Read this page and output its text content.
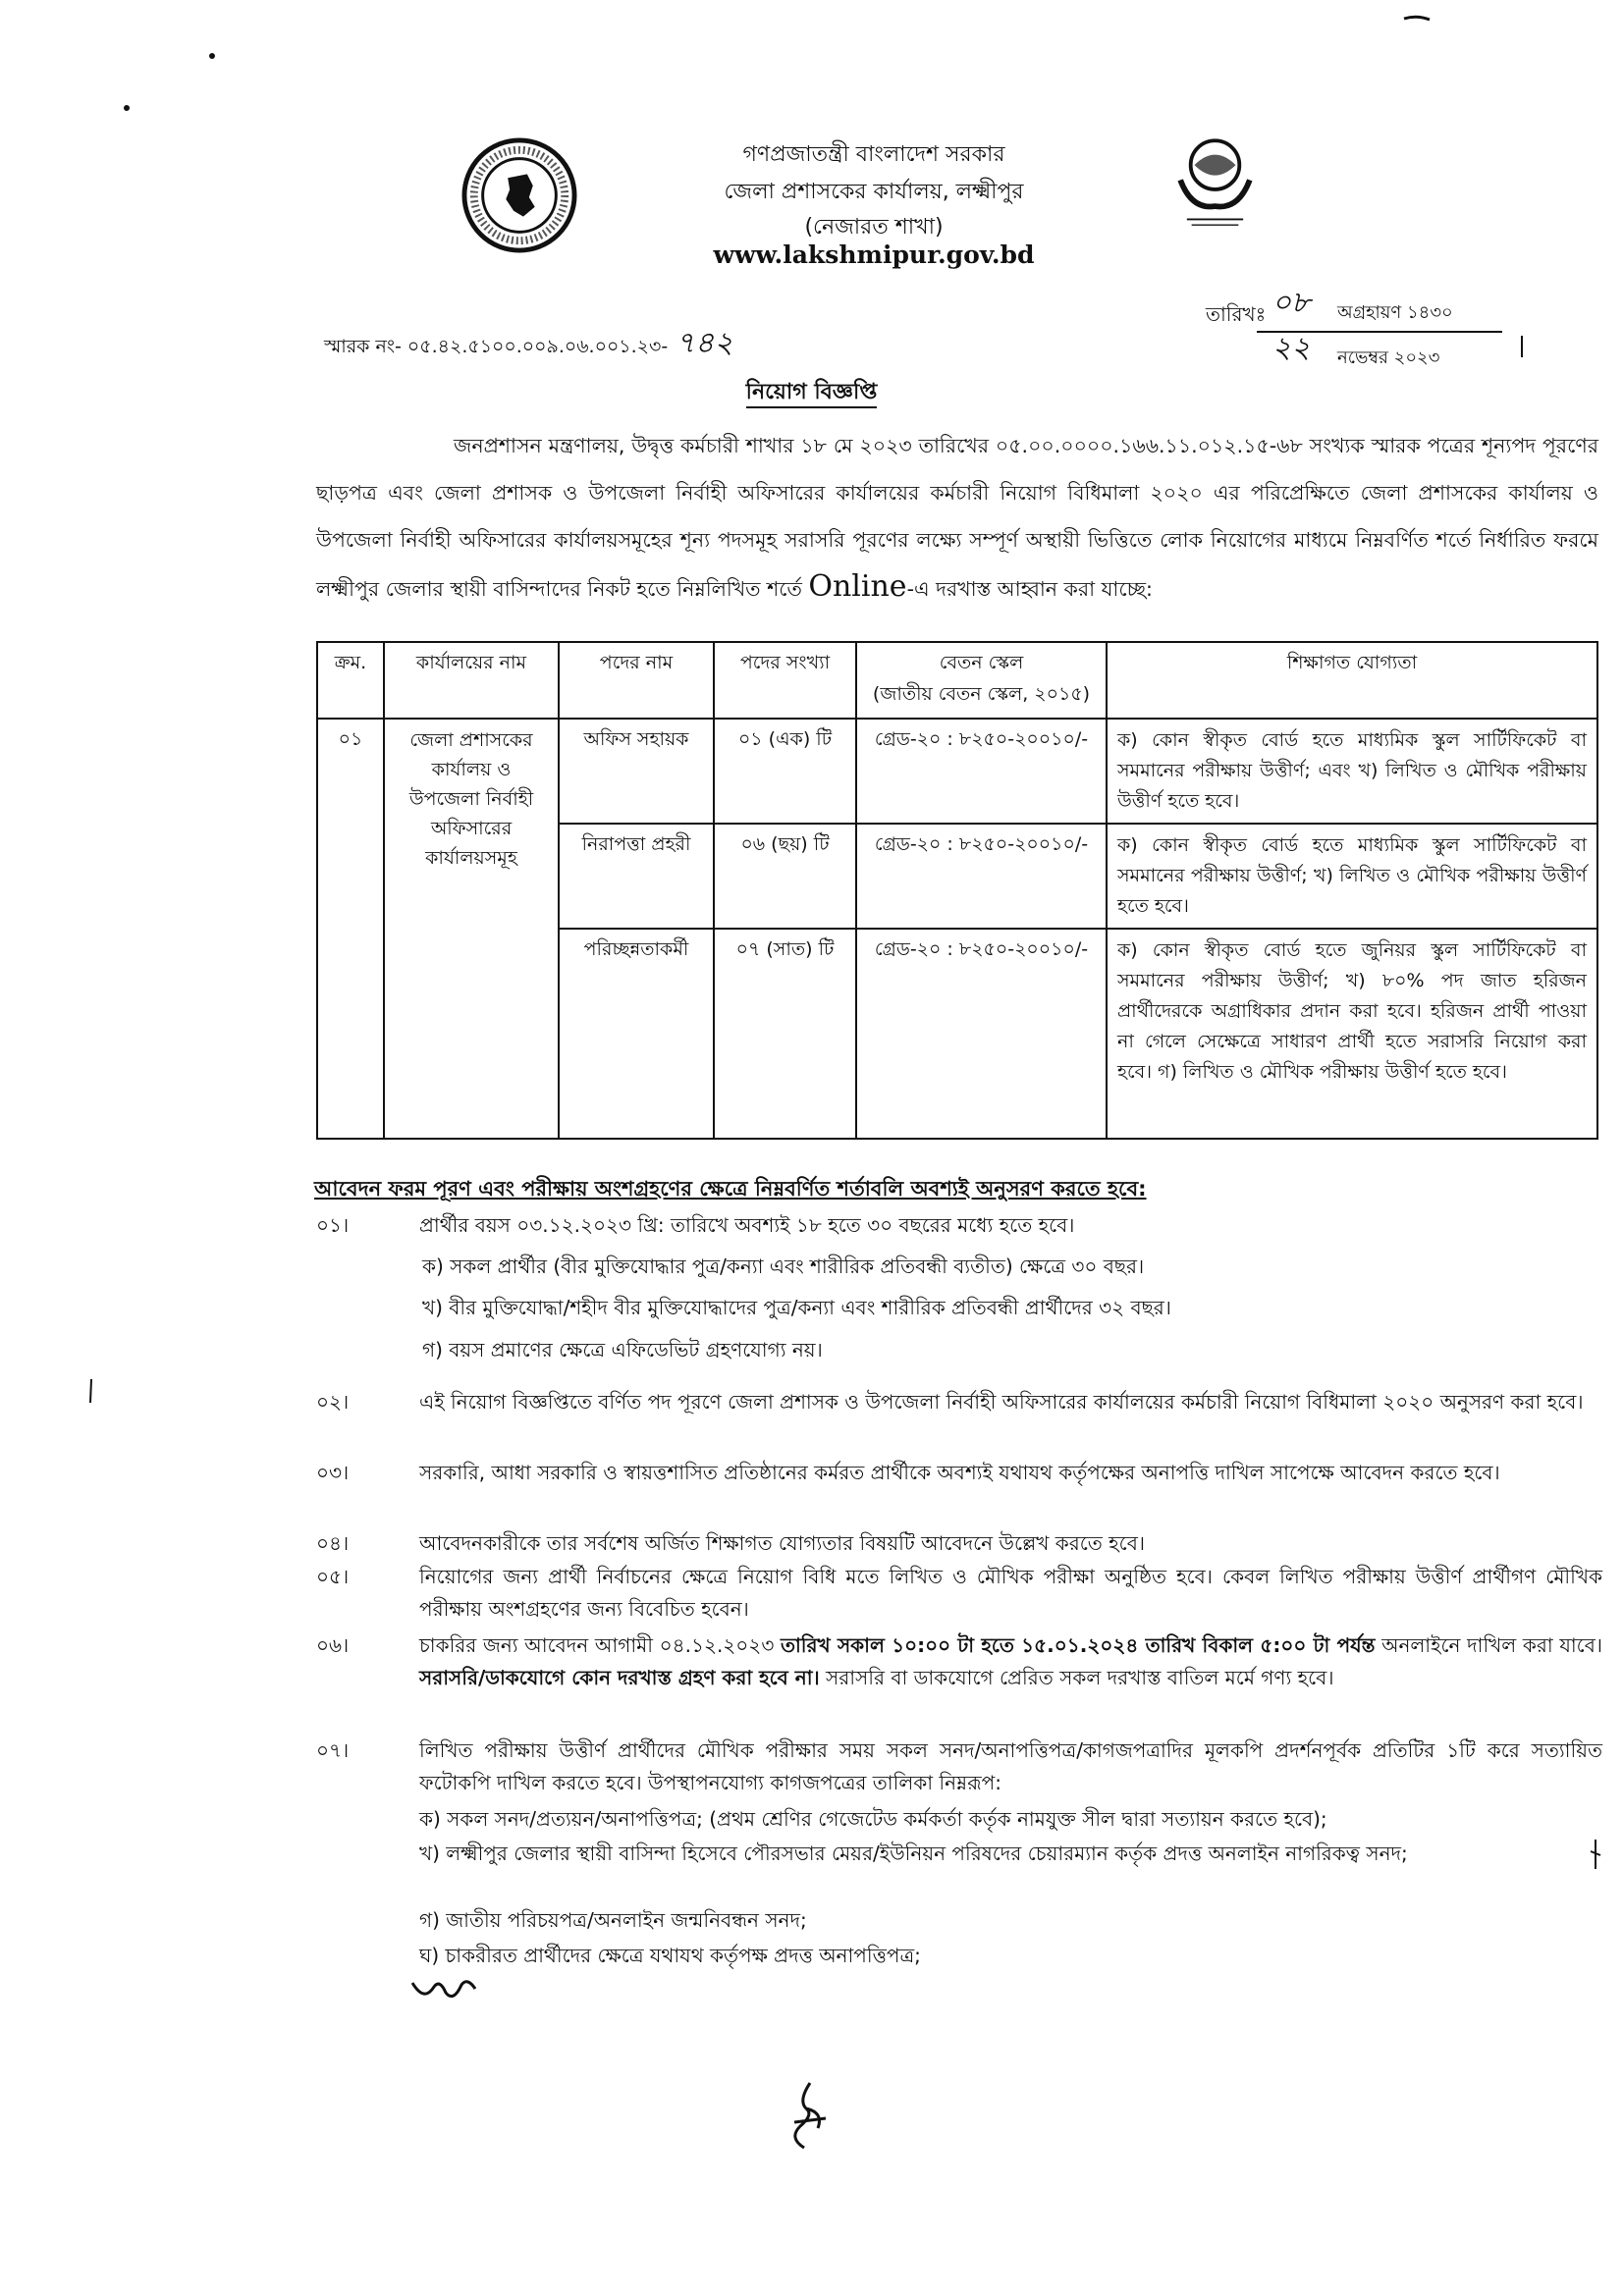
গণপ্রজাতন্ত্রী বাংলাদেশ সরকার
জেলা প্রশাসকের কার্যালয়, লক্ষ্মীপুর
(নেজারত শাখা)
www.lakshmipur.gov.bd
স্মারক নং- ০৫.৪২.৫১০০.০০৯.০৬.০০১.২৩- ৭৪২
তারিখঃ ০৮	অগ্রহায়ণ ১৪৩০
২২	নভেম্বর ২০২৩
নিয়োগ বিজ্ঞপ্তি
জনপ্রশাসন মন্ত্রণালয়, উদ্বৃত্ত কর্মচারী শাখার ১৮ মে ২০২৩ তারিখের ০৫.০০.০০০০.১৬৬.১১.০১২.১৫-৬৮ সংখ্যক স্মারক পত্রের শূন্যপদ পূরণের ছাড়পত্র এবং জেলা প্রশাসক ও উপজেলা নির্বাহী অফিসারের কার্যালয়ের কর্মচারী নিয়োগ বিধিমালা ২০২০ এর পরিপ্রেক্ষিতে জেলা প্রশাসকের কার্যালয় ও উপজেলা নির্বাহী অফিসারের কার্যালয়সমূহের শূন্য পদসমূহ সরাসরি পূরণের লক্ষ্যে সম্পূর্ণ অস্থায়ী ভিত্তিতে লোক নিয়োগের মাধ্যমে নিম্নবর্ণিত শর্তে নির্ধারিত ফরমে লক্ষ্মীপুর জেলার স্থায়ী বাসিন্দাদের নিকট হতে নিম্নলিখিত শর্তে Online-এ দরখাস্ত আহ্বান করা যাচ্ছে:
ক্রম.	কার্যালয়ের নাম	পদের নাম	পদের সংখ্যা	বেতন স্কেল
(জাতীয় বেতন স্কেল, ২০১৫)	শিক্ষাগত যোগ্যতা
০১	জেলা প্রশাসকের কার্যালয় ও উপজেলা নির্বাহী অফিসারের কার্যালয়সমূহ	অফিস সহায়ক	০১ (এক) টি	গ্রেড-২০ : ৮২৫০-২০০১০/-	ক) কোন স্বীকৃত বোর্ড হতে মাধ্যমিক স্কুল সার্টিফিকেট বা সমমানের পরীক্ষায় উত্তীর্ণ; এবং খ) লিখিত ও মৌখিক পরীক্ষায় উত্তীর্ণ হতে হবে।
		নিরাপত্তা প্রহরী	০৬ (ছয়) টি	গ্রেড-২০ : ৮২৫০-২০০১০/-	ক) কোন স্বীকৃত বোর্ড হতে মাধ্যমিক স্কুল সার্টিফিকেট বা সমমানের পরীক্ষায় উত্তীর্ণ; খ) লিখিত ও মৌখিক পরীক্ষায় উত্তীর্ণ হতে হবে।
		পরিচ্ছন্নতাকর্মী	০৭ (সাত) টি	গ্রেড-২০ : ৮২৫০-২০০১০/-	ক) কোন স্বীকৃত বোর্ড হতে জুনিয়র স্কুল সার্টিফিকেট বা সমমানের পরীক্ষায় উত্তীর্ণ; খ) ৮০% পদ জাত হরিজন প্রার্থীদেরকে অগ্রাধিকার প্রদান করা হবে। হরিজন প্রার্থী পাওয়া না গেলে সেক্ষেত্রে সাধারণ প্রার্থী হতে সরাসরি নিয়োগ করা হবে। গ) লিখিত ও মৌখিক পরীক্ষায় উত্তীর্ণ হতে হবে।
আবেদন ফরম পূরণ এবং পরীক্ষায় অংশগ্রহণের ক্ষেত্রে নিম্নবর্ণিত শর্তাবলি অবশ্যই অনুসরণ করতে হবে:
০১।	প্রার্থীর বয়স ০৩.১২.২০২৩ খ্রি: তারিখে অবশ্যই ১৮ হতে ৩০ বছরের মধ্যে হতে হবে।
ক) সকল প্রার্থীর (বীর মুক্তিযোদ্ধার পুত্র/কন্যা এবং শারীরিক প্রতিবন্ধী ব্যতীত) ক্ষেত্রে ৩০ বছর।
খ) বীর মুক্তিযোদ্ধা/শহীদ বীর মুক্তিযোদ্ধাদের পুত্র/কন্যা এবং শারীরিক প্রতিবন্ধী প্রার্থীদের ৩২ বছর।
গ) বয়স প্রমাণের ক্ষেত্রে এফিডেভিট গ্রহণযোগ্য নয়।
০২।	এই নিয়োগ বিজ্ঞপ্তিতে বর্ণিত পদ পূরণে জেলা প্রশাসক ও উপজেলা নির্বাহী অফিসারের কার্যালয়ের কর্মচারী নিয়োগ বিধিমালা ২০২০ অনুসরণ করা হবে।
০৩।	সরকারি, আধা সরকারি ও স্বায়ত্তশাসিত প্রতিষ্ঠানের কর্মরত প্রার্থীকে অবশ্যই যথাযথ কর্তৃপক্ষের অনাপত্তি দাখিল সাপেক্ষে আবেদন করতে হবে।
০৪।	আবেদনকারীকে তার সর্বশেষ অর্জিত শিক্ষাগত যোগ্যতার বিষয়টি আবেদনে উল্লেখ করতে হবে।
০৫।	নিয়োগের জন্য প্রার্থী নির্বাচনের ক্ষেত্রে নিয়োগ বিধি মতে লিখিত ও মৌখিক পরীক্ষা অনুষ্ঠিত হবে। কেবল লিখিত পরীক্ষায় উত্তীর্ণ প্রার্থীগণ মৌখিক পরীক্ষায় অংশগ্রহণের জন্য বিবেচিত হবেন।
০৬।	চাকরির জন্য আবেদন আগামী ০৪.১২.২০২৩ তারিখ সকাল ১০:০০ টা হতে ১৫.০১.২০২৪ তারিখ বিকাল ৫:০০ টা পর্যন্ত অনলাইনে দাখিল করা যাবে। সরাসরি/ডাকযোগে কোন দরখাস্ত গ্রহণ করা হবে না। সরাসরি বা ডাকযোগে প্রেরিত সকল দরখাস্ত বাতিল মর্মে গণ্য হবে।
০৭।	লিখিত পরীক্ষায় উত্তীর্ণ প্রার্থীদের মৌখিক পরীক্ষার সময় সকল সনদ/অনাপত্তিপত্র/কাগজপত্রাদির মূলকপি প্রদর্শনপূর্বক প্রতিটির ১টি করে সত্যায়িত ফটোকপি দাখিল করতে হবে। উপস্থাপনযোগ্য কাগজপত্রের তালিকা নিম্নরূপ:
ক) সকল সনদ/প্রত্যয়ন/অনাপত্তিপত্র; (প্রথম শ্রেণির গেজেটেড কর্মকর্তা কর্তৃক নামযুক্ত সীল দ্বারা সত্যায়ন করতে হবে);
খ) লক্ষ্মীপুর জেলার স্থায়ী বাসিন্দা হিসেবে পৌরসভার মেয়র/ইউনিয়ন পরিষদের চেয়ারম্যান কর্তৃক প্রদত্ত অনলাইন নাগরিকত্ব সনদ;
গ) জাতীয় পরিচয়পত্র/অনলাইন জন্মনিবন্ধন সনদ;
ঘ) চাকরীরত প্রার্থীদের ক্ষেত্রে যথাযথ কর্তৃপক্ষ প্রদত্ত অনাপত্তিপত্র;
